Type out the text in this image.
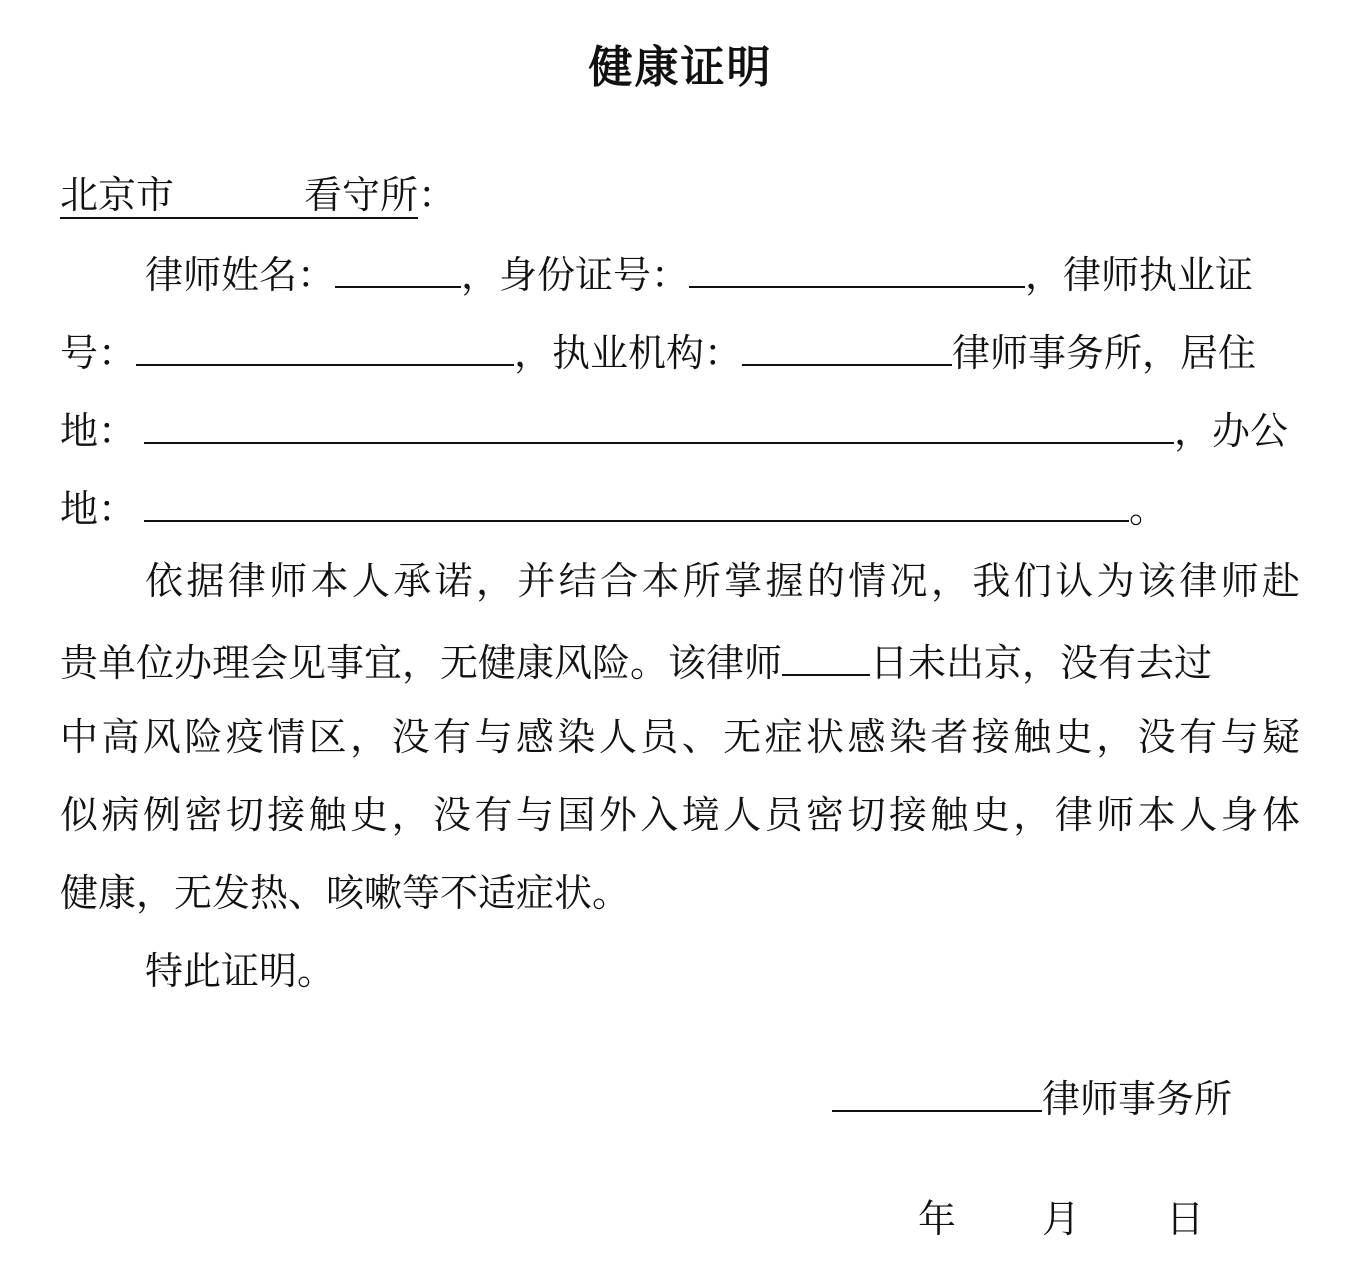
健康证明
北京市	看守所：
律师姓名：	，身份证号：	，律师执业证
号：	，执业机构：	律师事务所，居住
地：	，办公
地：	。
依据律师本人承诺，并结合本所掌握的情况，我们认为该律师赴
贵单位办理会见事宜，无健康风险。该律师 日未出京，没有去过
中高风险疫情区，没有与感染人员、无症状感染者接触史，没有与疑
似病例密切接触史，没有与国外入境人员密切接触史，律师本人身体
健康，无发热、咳嗽等不适症状。
特此证明。
律师事务所
年 月 日
